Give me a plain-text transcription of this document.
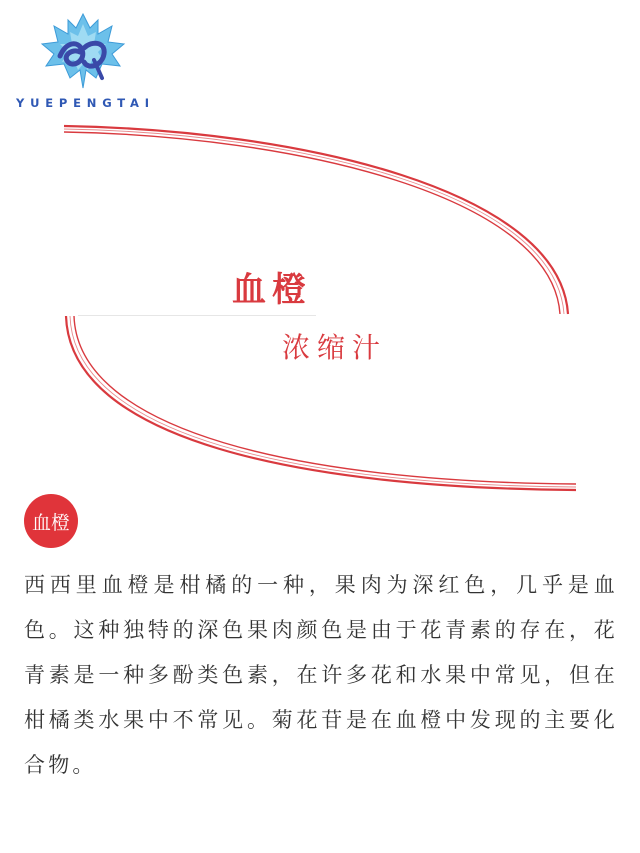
YUEPENGTAI
血橙
浓缩汁
血橙

西西里血橙是柑橘的一种，果肉为深红色，几乎是血色。这种独特的深色果肉颜色是由于花青素的存在，花青素是一种多酚类色素，在许多花和水果中常见，但在柑橘类水果中不常见。菊花苷是在血橙中发现的主要化合物。
